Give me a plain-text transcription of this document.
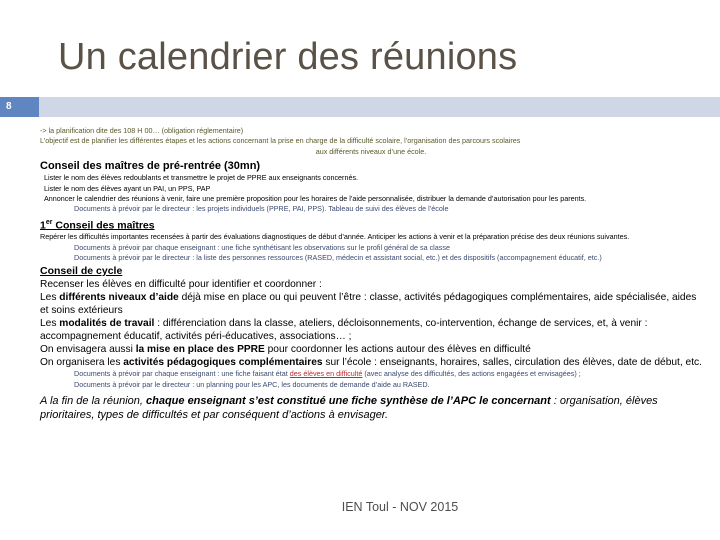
Un calendrier des réunions
8

-> la planification dite des 108 H 00… (obligation réglementaire)

L’objectif est de planifier les différentes étapes et les actions concernant la prise en charge de la difficulté scolaire, l’organisation des parcours scolaires

aux différents niveaux d’une école.

Conseil des maîtres de pré-rentrée (30mn)

Lister le nom des élèves redoublants et transmettre le projet de PPRE aux enseignants concernés.

Lister le nom des élèves ayant un PAI, un PPS, PAP

Annoncer le calendrier des réunions à venir, faire une première proposition pour les horaires de l’aide personnalisée, distribuer la demande d’autorisation pour les parents.

Documents à prévoir par le directeur : les projets individuels (PPRE, PAI, PPS). Tableau de suivi des élèves de l’école

1er Conseil des maîtres

Repérer les difficultés importantes recensées à partir des évaluations diagnostiques de début d’année. Anticiper les actions à venir et la préparation précise des deux réunions suivantes.

Documents à prévoir par chaque enseignant : une fiche synthétisant les observations sur le profil général de sa classe

Documents à prévoir par le directeur : la liste des personnes ressources (RASED, médecin et assistant social, etc.) et des dispositifs (accompagnement éducatif, etc.)

Conseil de cycle

Recenser les élèves en difficulté pour identifier et coordonner :

Les différents niveaux d’aide déjà mise en place ou qui peuvent l’être : classe, activités pédagogiques complémentaires, aide spécialisée, aides et soins extérieurs

Les modalités de travail : différenciation dans la classe, ateliers, décloisonnements, co-intervention, échange de services, et, à venir : accompagnement éducatif, activités péri-éducatives, associations… ;

On envisagera aussi la mise en place des PPRE pour coordonner les actions autour des élèves en difficulté

On organisera les activités pédagogiques complémentaires sur l’école : enseignants, horaires, salles, circulation des élèves, date de début, etc.

Documents à prévoir par chaque enseignant : une fiche faisant état des élèves en difficulté (avec analyse des difficultés, des actions engagées et envisagées) ;

Documents à prévoir par le directeur : un planning pour les APC, les documents de demande d’aide au RASED.

A la fin de la réunion, chaque enseignant s’est constitué une fiche synthèse de l’APC le concernant : organisation, élèves prioritaires, types de difficultés et par conséquent d’actions à envisager.

IEN Toul - NOV 2015
